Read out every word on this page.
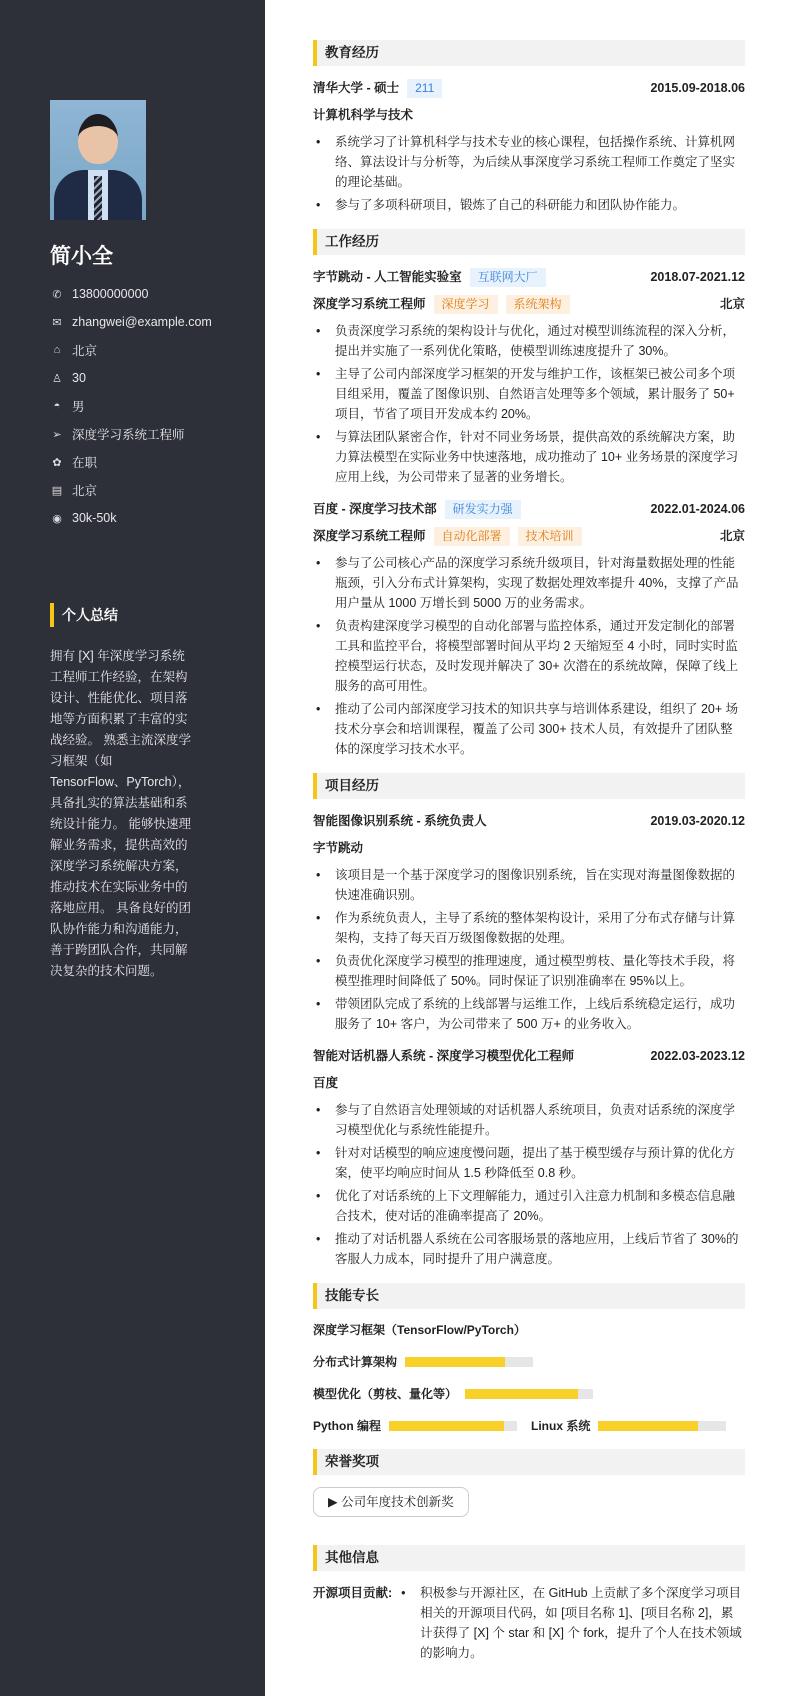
简小全
✆ 13800000000
✉ zhangwei@example.com
⌂ 北京
♙ 30
◓ 男
➢ 深度学习系统工程师
✿ 在职
▤ 北京
◉ 30k-50k
个人总结
拥有 [X] 年深度学习系统工程师工作经验，在架构设计、性能优化、项目落地等方面积累了丰富的实战经验。 熟悉主流深度学习框架（如 TensorFlow、PyTorch），具备扎实的算法基础和系统设计能力。 能够快速理解业务需求，提供高效的深度学习系统解决方案，推动技术在实际业务中的落地应用。 具备良好的团队协作能力和沟通能力，善于跨团队合作，共同解决复杂的技术问题。
教育经历
清华大学 - 硕士	211	2015.09-2018.06
计算机科学与技术
• 系统学习了计算机科学与技术专业的核心课程，包括操作系统、计算机网络、算法设计与分析等，为后续从事深度学习系统工程师工作奠定了坚实的理论基础。
• 参与了多项科研项目，锻炼了自己的科研能力和团队协作能力。
工作经历
字节跳动 - 人工智能实验室	互联网大厂	2018.07-2021.12
深度学习系统工程师	深度学习	系统架构	北京
• 负责深度学习系统的架构设计与优化，通过对模型训练流程的深入分析，提出并实施了一系列优化策略，使模型训练速度提升了 30%。
• 主导了公司内部深度学习框架的开发与维护工作，该框架已被公司多个项目组采用，覆盖了图像识别、自然语言处理等多个领域，累计服务了 50+ 项目，节省了项目开发成本约 20%。
• 与算法团队紧密合作，针对不同业务场景，提供高效的系统解决方案，助力算法模型在实际业务中快速落地，成功推动了 10+ 业务场景的深度学习应用上线，为公司带来了显著的业务增长。
百度 - 深度学习技术部	研发实力强	2022.01-2024.06
深度学习系统工程师	自动化部署	技术培训	北京
• 参与了公司核心产品的深度学习系统升级项目，针对海量数据处理的性能瓶颈，引入分布式计算架构，实现了数据处理效率提升 40%，支撑了产品用户量从 1000 万增长到 5000 万的业务需求。
• 负责构建深度学习模型的自动化部署与监控体系，通过开发定制化的部署工具和监控平台，将模型部署时间从平均 2 天缩短至 4 小时，同时实时监控模型运行状态，及时发现并解决了 30+ 次潜在的系统故障，保障了线上服务的高可用性。
• 推动了公司内部深度学习技术的知识共享与培训体系建设，组织了 20+ 场技术分享会和培训课程，覆盖了公司 300+ 技术人员，有效提升了团队整体的深度学习技术水平。
项目经历
智能图像识别系统 - 系统负责人	2019.03-2020.12
字节跳动
• 该项目是一个基于深度学习的图像识别系统，旨在实现对海量图像数据的快速准确识别。
• 作为系统负责人，主导了系统的整体架构设计，采用了分布式存储与计算架构，支持了每天百万级图像数据的处理。
• 负责优化深度学习模型的推理速度，通过模型剪枝、量化等技术手段，将模型推理时间降低了 50%。同时保证了识别准确率在 95%以上。
• 带领团队完成了系统的上线部署与运维工作，上线后系统稳定运行，成功服务了 10+ 客户，为公司带来了 500 万+ 的业务收入。
智能对话机器人系统 - 深度学习模型优化工程师	2022.03-2023.12
百度
• 参与了自然语言处理领域的对话机器人系统项目，负责对话系统的深度学习模型优化与系统性能提升。
• 针对对话模型的响应速度慢问题，提出了基于模型缓存与预计算的优化方案，使平均响应时间从 1.5 秒降低至 0.8 秒。
• 优化了对话系统的上下文理解能力，通过引入注意力机制和多模态信息融合技术，使对话的准确率提高了 20%。
• 推动了对话机器人系统在公司客服场景的落地应用，上线后节省了 30%的客服人力成本，同时提升了用户满意度。
技能专长
深度学习框架（TensorFlow/PyTorch）
分布式计算架构
模型优化（剪枝、量化等）
Python 编程	Linux 系统
荣誉奖项
▶ 公司年度技术创新奖
其他信息
开源项目贡献:	• 积极参与开源社区，在 GitHub 上贡献了多个深度学习项目相关的开源项目代码，如 [项目名称 1]、[项目名称 2]，累计获得了 [X] 个 star 和 [X] 个 fork，提升了个人在技术领域的影响力。
